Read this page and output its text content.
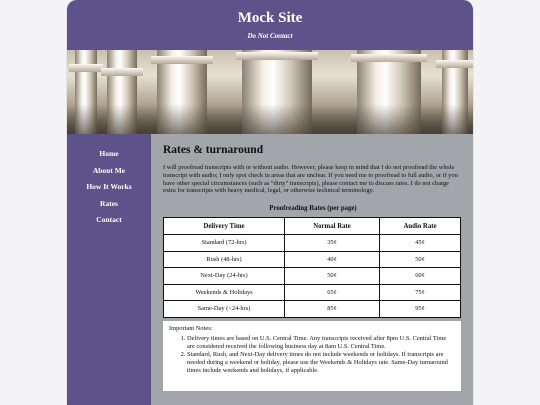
Mock Site
Do Not Contact
Home
About Me
How It Works
Rates
Contact
Rates & turnaround

I will proofread transcripts with or without audio. However, please keep in mind that I do not proofread the whole transcript with audio; I only spot check in areas that are unclear. If you need me to proofread to full audio, or if you have other special circumstances (such as "dirty" transcripts), please contact me to discuss rates. I do not charge extra for transcripts with heavy medical, legal, or otherwise technical terminology.

Proofreading Rates (per page)
Delivery Time	Normal Rate	Audio Rate
Standard (72-hrs)	35¢	45¢
Rush (48-hrs)	40¢	50¢
Next-Day (24-hrs)	50¢	60¢
Weekends & Holidays	65¢	75¢
Same-Day (<24-hrs)	85¢	95¢
Important Notes:
1. Delivery times are based on U.S. Central Time. Any transcripts received after 8pm U.S. Central Time are considered received the following business day at 8am U.S. Central Time.
2. Standard, Rush, and Next-Day delivery times do not include weekends or holidays. If transcripts are needed during a weekend or holiday, please use the Weekends & Holidays rate. Same-Day turnaround times include weekends and holidays, if applicable.
